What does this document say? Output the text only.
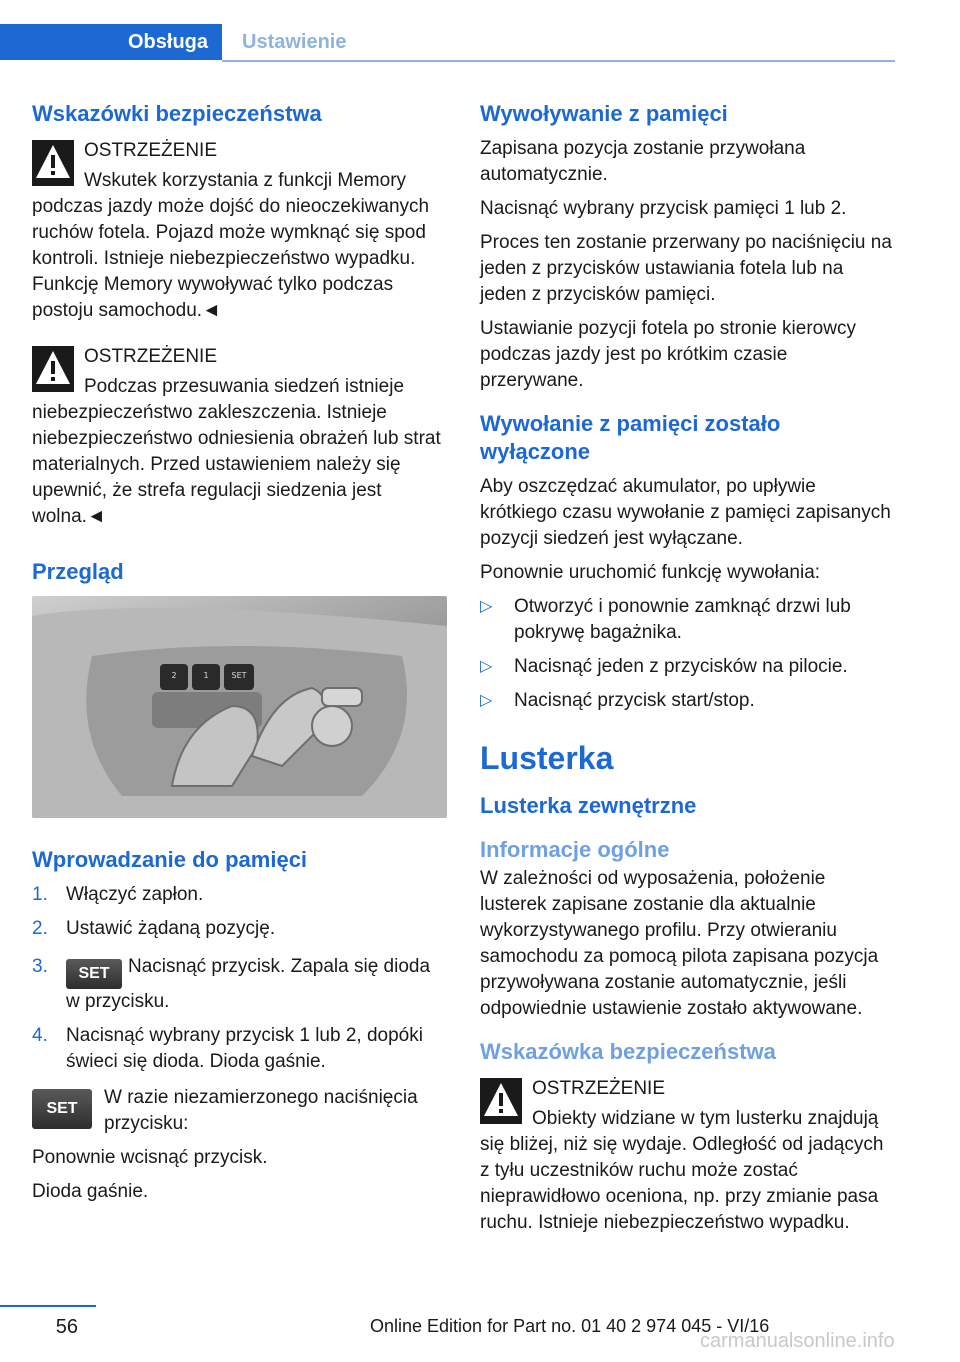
Obsługa	Ustawienie
Wskazówki bezpieczeństwa
OSTRZEŻENIE

Wskutek korzystania z funkcji Memory podczas jazdy może dojść do nieoczekiwanych ruchów fotela. Pojazd może wymknąć się spod kontroli. Istnieje niebezpieczeństwo wypadku. Funkcję Memory wywoływać tylko podczas postoju samochodu.◄

OSTRZEŻENIE

Podczas przesuwania siedzeń istnieje niebezpieczeństwo zakleszczenia. Istnieje niebezpieczeństwo odniesienia obrażeń lub strat materialnych. Przed ustawieniem należy się upewnić, że strefa regulacji siedzenia jest wolna.◄

Przegląd
2	1	SET
Wprowadzanie do pamięci
1. Włączyć zapłon.
2. Ustawić żądaną pozycję.
3. SET Nacisnąć przycisk. Zapala się dioda w przycisku.
4. Nacisnąć wybrany przycisk 1 lub 2, dopóki świeci się dioda. Dioda gaśnie.
SET

W razie niezamierzonego naciśnięcia przycisku:

Ponownie wcisnąć przycisk.

Dioda gaśnie.

Wywoływanie z pamięci

Zapisana pozycja zostanie przywołana automatycznie.

Nacisnąć wybrany przycisk pamięci 1 lub 2.

Proces ten zostanie przerwany po naciśnięciu na jeden z przycisków ustawiania fotela lub na jeden z przycisków pamięci.

Ustawianie pozycji fotela po stronie kierowcy podczas jazdy jest po krótkim czasie przerywane.

Wywołanie z pamięci zostało wyłączone

Aby oszczędzać akumulator, po upływie krótkiego czasu wywołanie z pamięci zapisanych pozycji siedzeń jest wyłączane.

Ponownie uruchomić funkcję wywołania:

▷ Otworzyć i ponownie zamknąć drzwi lub pokrywę bagażnika.
▷ Nacisnąć jeden z przycisków na pilocie.
▷ Nacisnąć przycisk start/stop.
Lusterka
Lusterka zewnętrzne
Informacje ogólne

W zależności od wyposażenia, położenie lusterek zapisane zostanie dla aktualnie wykorzystywanego profilu. Przy otwieraniu samochodu za pomocą pilota zapisana pozycja przywoływana zostanie automatycznie, jeśli odpowiednie ustawienie zostało aktywowane.

Wskazówka bezpieczeństwa
OSTRZEŻENIE

Obiekty widziane w tym lusterku znajdują się bliżej, niż się wydaje. Odległość od jadących z tyłu uczestników ruchu może zostać nieprawidłowo oceniona, np. przy zmianie pasa ruchu. Istnieje niebezpieczeństwo wypadku.

56	Online Edition for Part no. 01 40 2 974 045 - VI/16
carmanualsonline.info
